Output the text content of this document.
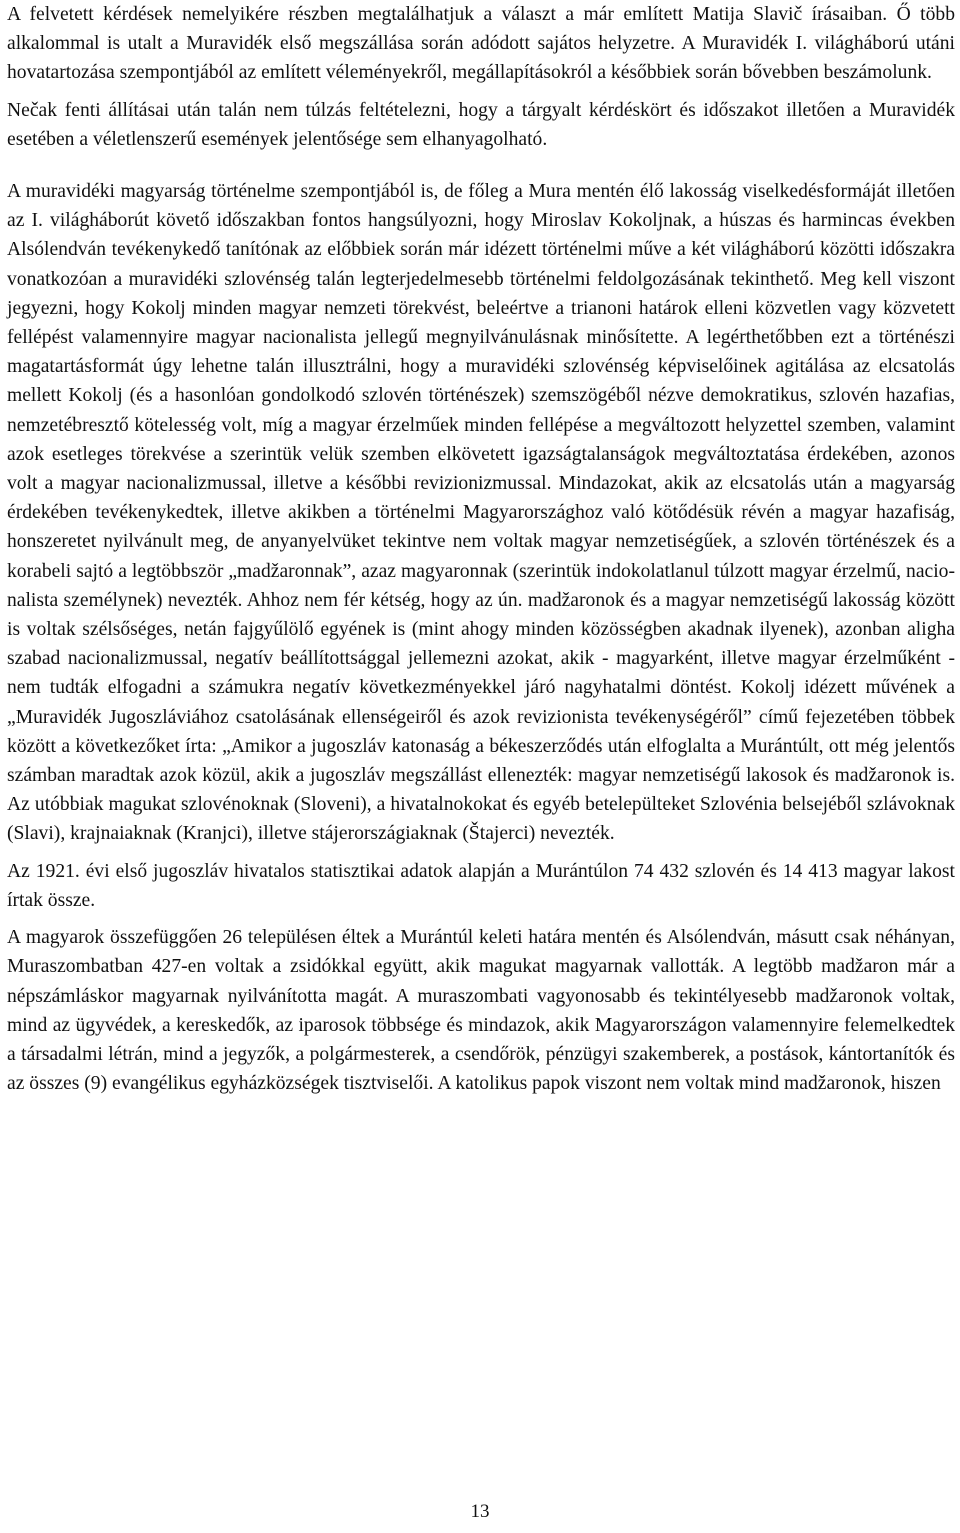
A felvetett kérdések nemelyikére részben megtalálhatjuk a választ a már említett Matija Slavič írásaiban. Ő több alkalommal is utalt a Muravidék első megszállása során adódott sajátos helyzetre. A Muravidék I. világháború utáni hovatartozása szempontjából az említett véleményekről, megállapításokról a későbbiek során bővebben beszámolunk.

Nečak fenti állításai után talán nem túlzás feltételezni, hogy a tárgyalt kérdéskört és időszakot illetően a Muravidék esetében a véletlenszerű események jelentősége sem elhanyagolható.

A muravidéki magyarság történelme szempontjából is, de főleg a Mura mentén élő lakosság viselkedésformáját illetően az I. világháborút követő időszakban fontos hangsúlyozni, hogy Miroslav Kokoljnak, a húszas és harmincas években Alsólendván tevékenykedő tanítónak az előbbiek során már idézett történelmi műve a két világháború közötti időszakra vonatkozóan a muravidéki szlovénség talán legterjedelmesebb történelmi feldolgozásának tekinthető. Meg kell viszont jegyezni, hogy Kokolj minden magyar nemzeti törekvést, beleértve a trianoni határok elleni közvetlen vagy közvetett fellépést valamennyire magyar nacionalista jellegű megnyilvánulásnak minősítette. A legérthetőbben ezt a történészi magatartásformát úgy lehetne talán illusztrálni, hogy a muravidéki szlovénség képviselőinek agitálása az elcsatolás mellett Kokolj (és a hasonlóan gondolkodó szlovén történészek) szemszögéből nézve demokratikus, szlovén hazafias, nemzetébresztő kötelesség volt, míg a magyar érzelműek minden fellépése a megváltozott helyzettel szemben, valamint azok esetleges törekvése a szerintük velük szemben elkövetett igazságtalanságok megváltoztatása érdekében, azonos volt a magyar nacionalizmussal, illetve a későbbi revizionizmussal. Mindazokat, akik az elcsatolás után a magyarság érdekében tevékenykedtek, illetve akikben a történelmi Magyarországhoz való kötődésük révén a magyar hazafiság, honszeretet nyilvánult meg, de anyanyelvüket tekintve nem voltak magyar nemzetiségűek, a szlovén történészek és a korabeli sajtó a legtöbbször „madžaronnak”, azaz magyaronnak (szerintük indokolatlanul túlzott magyar érzelmű, nacionalista személynek) nevezték. Ahhoz nem fér kétség, hogy az ún. madžaronok és a magyar nemzetiségű lakosság között is voltak szélsőséges, netán fajgyűlölő egyének is (mint ahogy minden közösségben akadnak ilyenek), azonban aligha szabad nacionalizmussal, negatív beállítottsággal jellemezni azokat, akik - magyarként, illetve magyar érzelműként - nem tudták elfogadni a számukra negatív következményekkel járó nagyhatalmi döntést. Kokolj idézett művének a „Muravidék Jugoszláviához csatolásának ellenségeiről és azok revizionista tevékenységéről” című fejezetében többek között a következőket írta: „Amikor a jugoszláv katonaság a békeszerződés után elfoglalta a Murántúlt, ott még jelentős számban maradtak azok közül, akik a jugoszláv megszállást ellenezték: magyar nemzetiségű lakosok és madžaronok is. Az utóbbiak magukat szlovénoknak (Sloveni), a hivatalnokokat és egyéb betelepülteket Szlovénia belsejéből szlávoknak (Slavi), krajnaiaknak (Kranjci), illetve stájerországiaknak (Štajerci) nevezték.

Az 1921. évi első jugoszláv hivatalos statisztikai adatok alapján a Murántúlon 74 432 szlovén és 14 413 magyar lakost írtak össze.

A magyarok összefüggően 26 településen éltek a Murántúl keleti határa mentén és Alsólendván, másutt csak néhányan, Muraszombatban 427-en voltak a zsidókkal együtt, akik magukat magyarnak vallották. A legtöbb madžaron már a népszámláskor magyarnak nyilvánította magát. A muraszombati vagyonosabb és tekintélyesebb madžaronok voltak, mind az ügyvédek, a kereskedők, az iparosok többsége és mindazok, akik Magyarországon valamennyire felemelkedtek a társadalmi létrán, mind a jegyzők, a polgármesterek, a csendőrök, pénzügyi szakemberek, a postások, kántortanítók és az összes (9) evangélikus egyházközségek tisztviselői. A katolikus papok viszont nem voltak mind madžaronok, hiszen

13
